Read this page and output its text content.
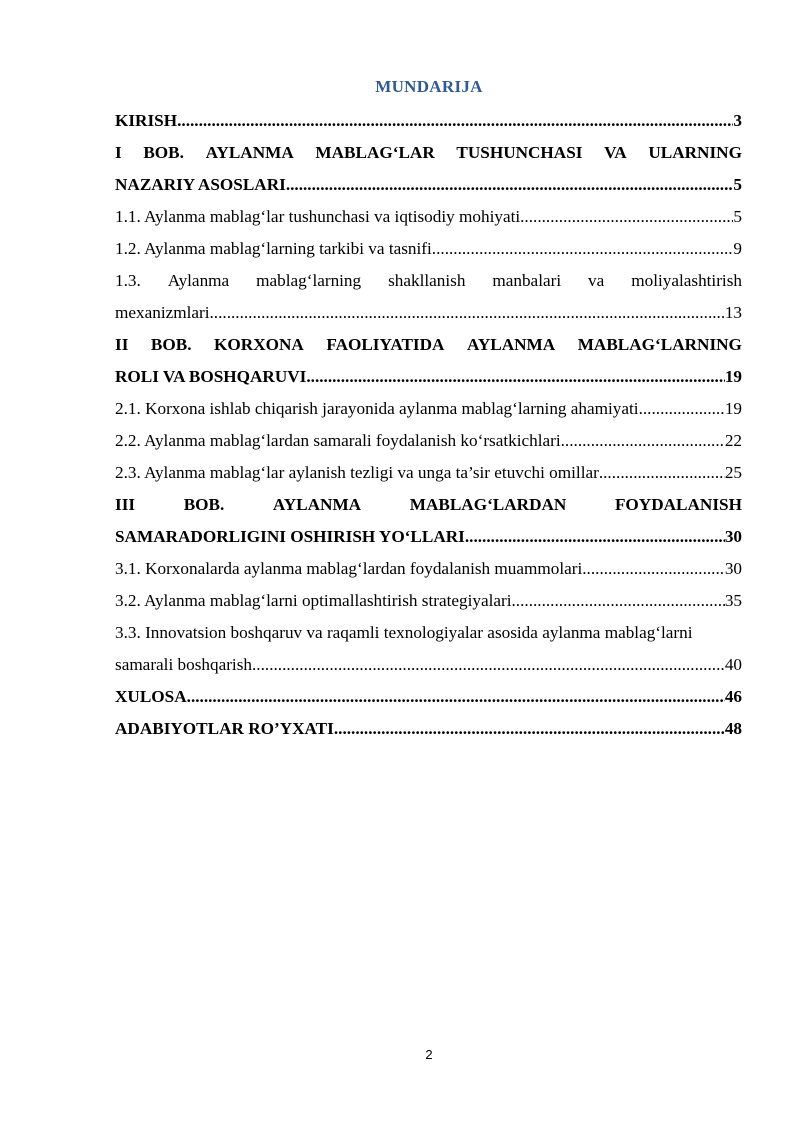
MUNDARIJA
KIRISH .....	3
I BOB. AYLANMA MABLAG‘LAR TUSHUNCHASI VA ULARNING
NAZARIY ASOSLARI .....	5
1.1. Aylanma mablag‘lar tushunchasi va iqtisodiy mohiyati .....	5
1.2. Aylanma mablag‘larning tarkibi va tasnifi .....	9
1.3. Aylanma mablag‘larning shakllanish manbalari va moliyalashtirish
mexanizmlari .....	13
II BOB. KORXONA FAOLIYATIDA AYLANMA MABLAG‘LARNING
ROLI VA BOSHQARUVI .....	19
2.1. Korxona ishlab chiqarish jarayonida aylanma mablag‘larning ahamiyati .....	19
2.2. Aylanma mablag‘lardan samarali foydalanish ko‘rsatkichlari .....	22
2.3. Aylanma mablag‘lar aylanish tezligi va unga ta’sir etuvchi omillar .....	25
III	BOB.	AYLANMA	MABLAG‘LARDAN	FOYDALANISH
SAMARADORLIGINI OSHIRISH YO‘LLARI .....	30
3.1. Korxonalarda aylanma mablag‘lardan foydalanish muammolari .....	30
3.2. Aylanma mablag‘larni optimallashtirish strategiyalari .....	35
3.3. Innovatsion boshqaruv va raqamli texnologiyalar asosida aylanma mablag‘larni
samarali boshqarish .....	40
XULOSA .....	46
ADABIYOTLAR RO’YXATI .....	48
2
